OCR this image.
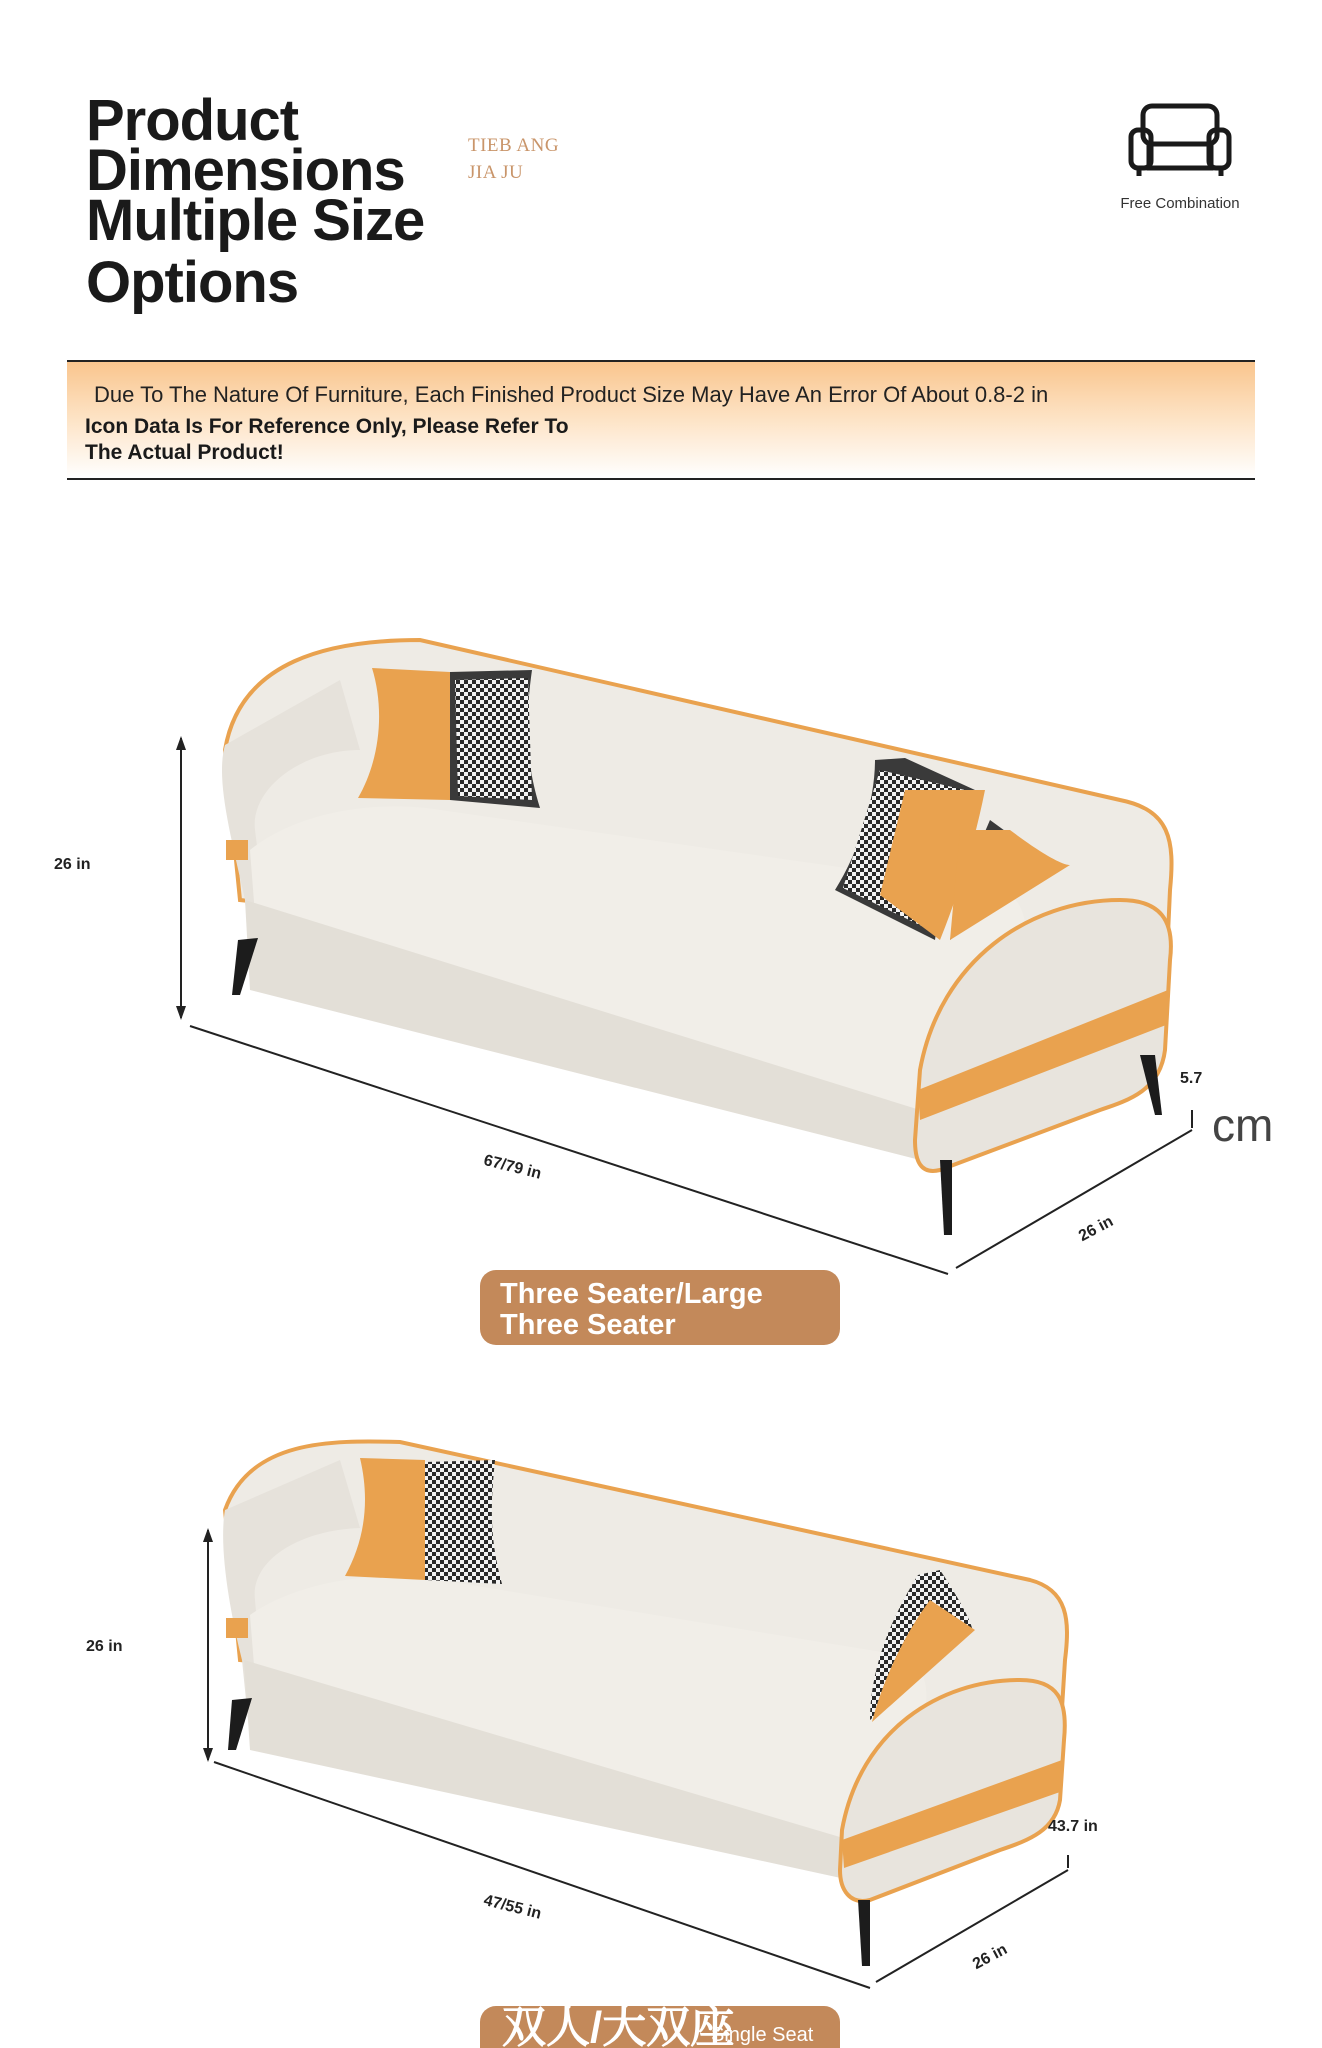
Product
Dimensions
Multiple Size
Options
TIEB ANG
JIA JU
Free Combination
Due To The Nature Of Furniture, Each Finished Product Size May Have An Error Of About 0.8-2 in
Icon Data Is For Reference Only, Please Refer To The Actual Product!
26 in
67/79 in
26 in
5.7
cm
Three Seater/Large Three Seater
26 in
47/55 in
26 in
43.7 in
双人/大双座
Single Seat
